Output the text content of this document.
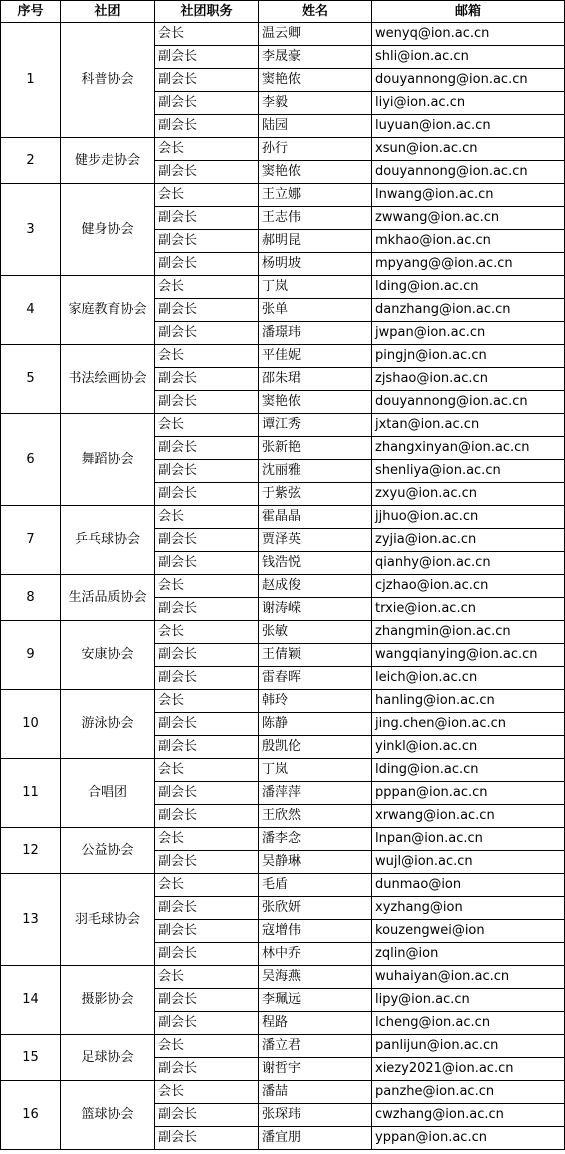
序号	社团	社团职务	姓名	邮箱
1	科普协会	会长	温云卿	wenyq@ion.ac.cn
		副会长	李晟豪	shli@ion.ac.cn
		副会长	窦艳侬	douyannong@ion.ac.cn
		副会长	李毅	liyi@ion.ac.cn
		副会长	陆园	luyuan@ion.ac.cn
2	健步走协会	会长	孙行	xsun@ion.ac.cn
		副会长	窦艳侬	douyannong@ion.ac.cn
3	健身协会	会长	王立娜	lnwang@ion.ac.cn
		副会长	王志伟	zwwang@ion.ac.cn
		副会长	郝明昆	mkhao@ion.ac.cn
		副会长	杨明坡	mpyang@@ion.ac.cn
4	家庭教育协会	会长	丁岚	lding@ion.ac.cn
		副会长	张单	danzhang@ion.ac.cn
		副会长	潘璟玮	jwpan@ion.ac.cn
5	书法绘画协会	会长	平佳妮	pingjn@ion.ac.cn
		副会长	邵朱珺	zjshao@ion.ac.cn
		副会长	窦艳侬	douyannong@ion.ac.cn
6	舞蹈协会	会长	谭江秀	jxtan@ion.ac.cn
		副会长	张新艳	zhangxinyan@ion.ac.cn
		副会长	沈丽雅	shenliya@ion.ac.cn
		副会长	于紫弦	zxyu@ion.ac.cn
7	乒乓球协会	会长	霍晶晶	jjhuo@ion.ac.cn
		副会长	贾泽英	zyjia@ion.ac.cn
		副会长	钱浩悦	qianhy@ion.ac.cn
8	生活品质协会	会长	赵成俊	cjzhao@ion.ac.cn
		副会长	谢涛嵘	trxie@ion.ac.cn
9	安康协会	会长	张敏	zhangmin@ion.ac.cn
		副会长	王倩颖	wangqianying@ion.ac.cn
		副会长	雷春晖	leich@ion.ac.cn
10	游泳协会	会长	韩玲	hanling@ion.ac.cn
		副会长	陈静	jing.chen@ion.ac.cn
		副会长	殷凯伦	yinkl@ion.ac.cn
11	合唱团	会长	丁岚	lding@ion.ac.cn
		副会长	潘萍萍	pppan@ion.ac.cn
		副会长	王欣然	xrwang@ion.ac.cn
12	公益协会	会长	潘李念	lnpan@ion.ac.cn
		副会长	吴静琳	wujl@ion.ac.cn
13	羽毛球协会	会长	毛盾	dunmao@ion
		副会长	张欣妍	xyzhang@ion
		副会长	寇增伟	kouzengwei@ion
		副会长	林中乔	zqlin@ion
14	摄影协会	会长	吴海燕	wuhaiyan@ion.ac.cn
		副会长	李珮远	lipy@ion.ac.cn
		副会长	程路	lcheng@ion.ac.cn
15	足球协会	会长	潘立君	panlijun@ion.ac.cn
		副会长	谢哲宇	xiezy2021@ion.ac.cn
16	篮球协会	会长	潘喆	panzhe@ion.ac.cn
		副会长	张琛玮	cwzhang@ion.ac.cn
		副会长	潘宜朋	yppan@ion.ac.cn
